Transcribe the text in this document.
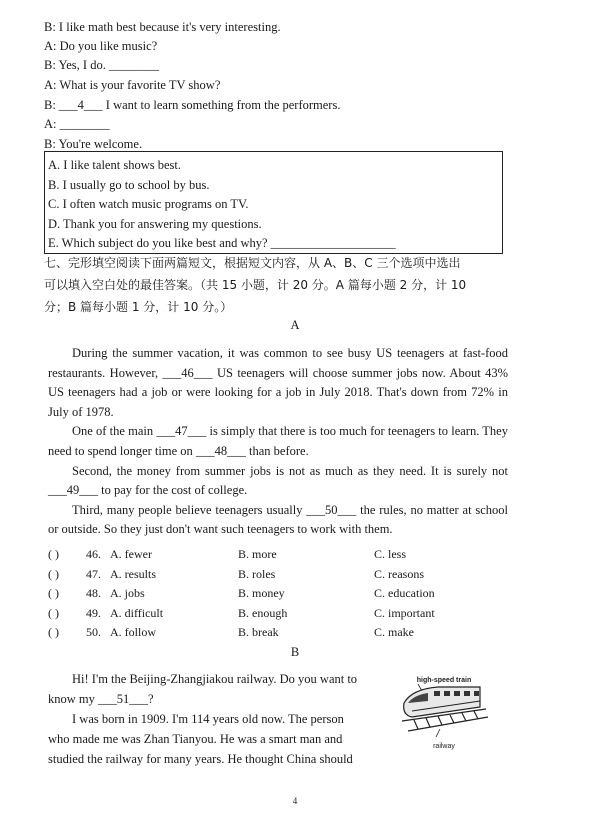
B: I like math best because it's very interesting.
A: Do you like music?
B: Yes, I do. ________
A: What is your favorite TV show?
B: ___4___ I want to learn something from the performers.
A: ________
B: You're welcome.
A. I like talent shows best.
B. I usually go to school by bus.
C. I often watch music programs on TV.
D. Thank you for answering my questions.
E. Which subject do you like best and why? ____________________
七、完形填空阅读下面两篇短文，根据短文内容，从 A、B、C 三个选项中选出
可以填入空白处的最佳答案。（共 15 小题，计 20 分。A 篇每小题 2 分，计 10
分；B 篇每小题 1 分，计 10 分。）
A

During the summer vacation, it was common to see busy US teenagers at fast-food restaurants. However, ___46___ US teenagers will choose summer jobs now. About 43% US teenagers had a job or were looking for a job in July 2018. That's down from 72% in July of 1978.

One of the main ___47___ is simply that there is too much for teenagers to learn. They need to spend longer time on ___48___ than before.

Second, the money from summer jobs is not as much as they need. It is surely not ___49___ to pay for the cost of college.

Third, many people believe teenagers usually ___50___ the rules, no matter at school or outside. So they just don't want such teenagers to work with them.

( ) 46. A. fewer	B. more	C. less
( ) 47. A. results	B. roles	C. reasons
( ) 48. A. jobs	B. money	C. education
( ) 49. A. difficult	B. enough	C. important
( ) 50. A. follow	B. break	C. make
B
Hi! I'm the Beijing-Zhangjiakou railway. Do you want to
know my ___51___?
I was born in 1909. I'm 114 years old now. The person
who made me was Zhan Tianyou. He was a smart man and
studied the railway for many years. He thought China should
high-speed train
railway
4
